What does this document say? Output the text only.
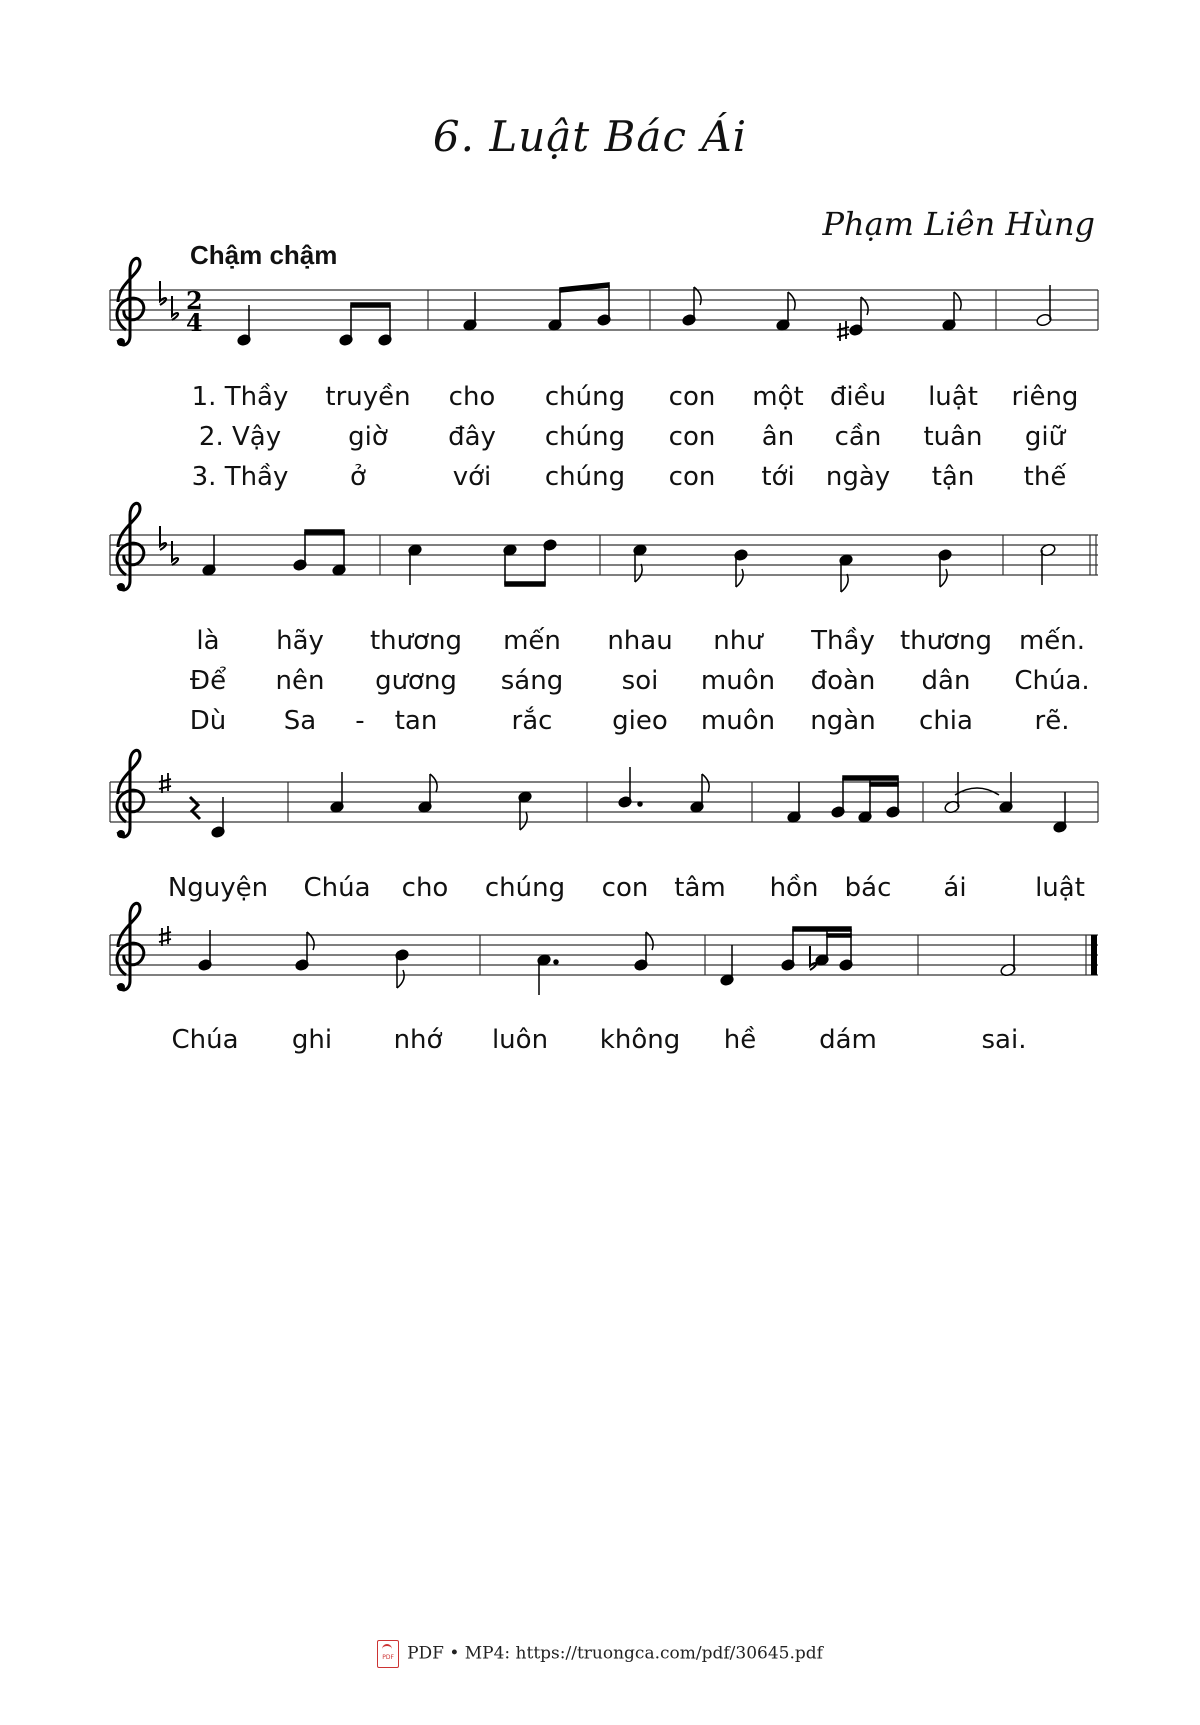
6. Luật Bác Ái
Phạm Liên Hùng
Chậm chậm
2
4
1. Thầy truyền cho chúng con một điều luật riêng
2. Vậy	giờ đây chúng con ân cần tuân giữ
3. Thầy ở	với chúng con tới ngày tận thế
là hãy thương mến nhau như Thầy thương mến.
Để nên gương sáng soi muôn đoàn dân Chúa.
Dù Sa - tan	rắc gieo muôn ngàn chia rẽ.
Nguyện Chúa cho chúng con tâm hồn bác ái	luật
Chúa ghi nhớ luôn không hề dám	sai.
PDF PDF • MP4: https://truongca.com/pdf/30645.pdf
